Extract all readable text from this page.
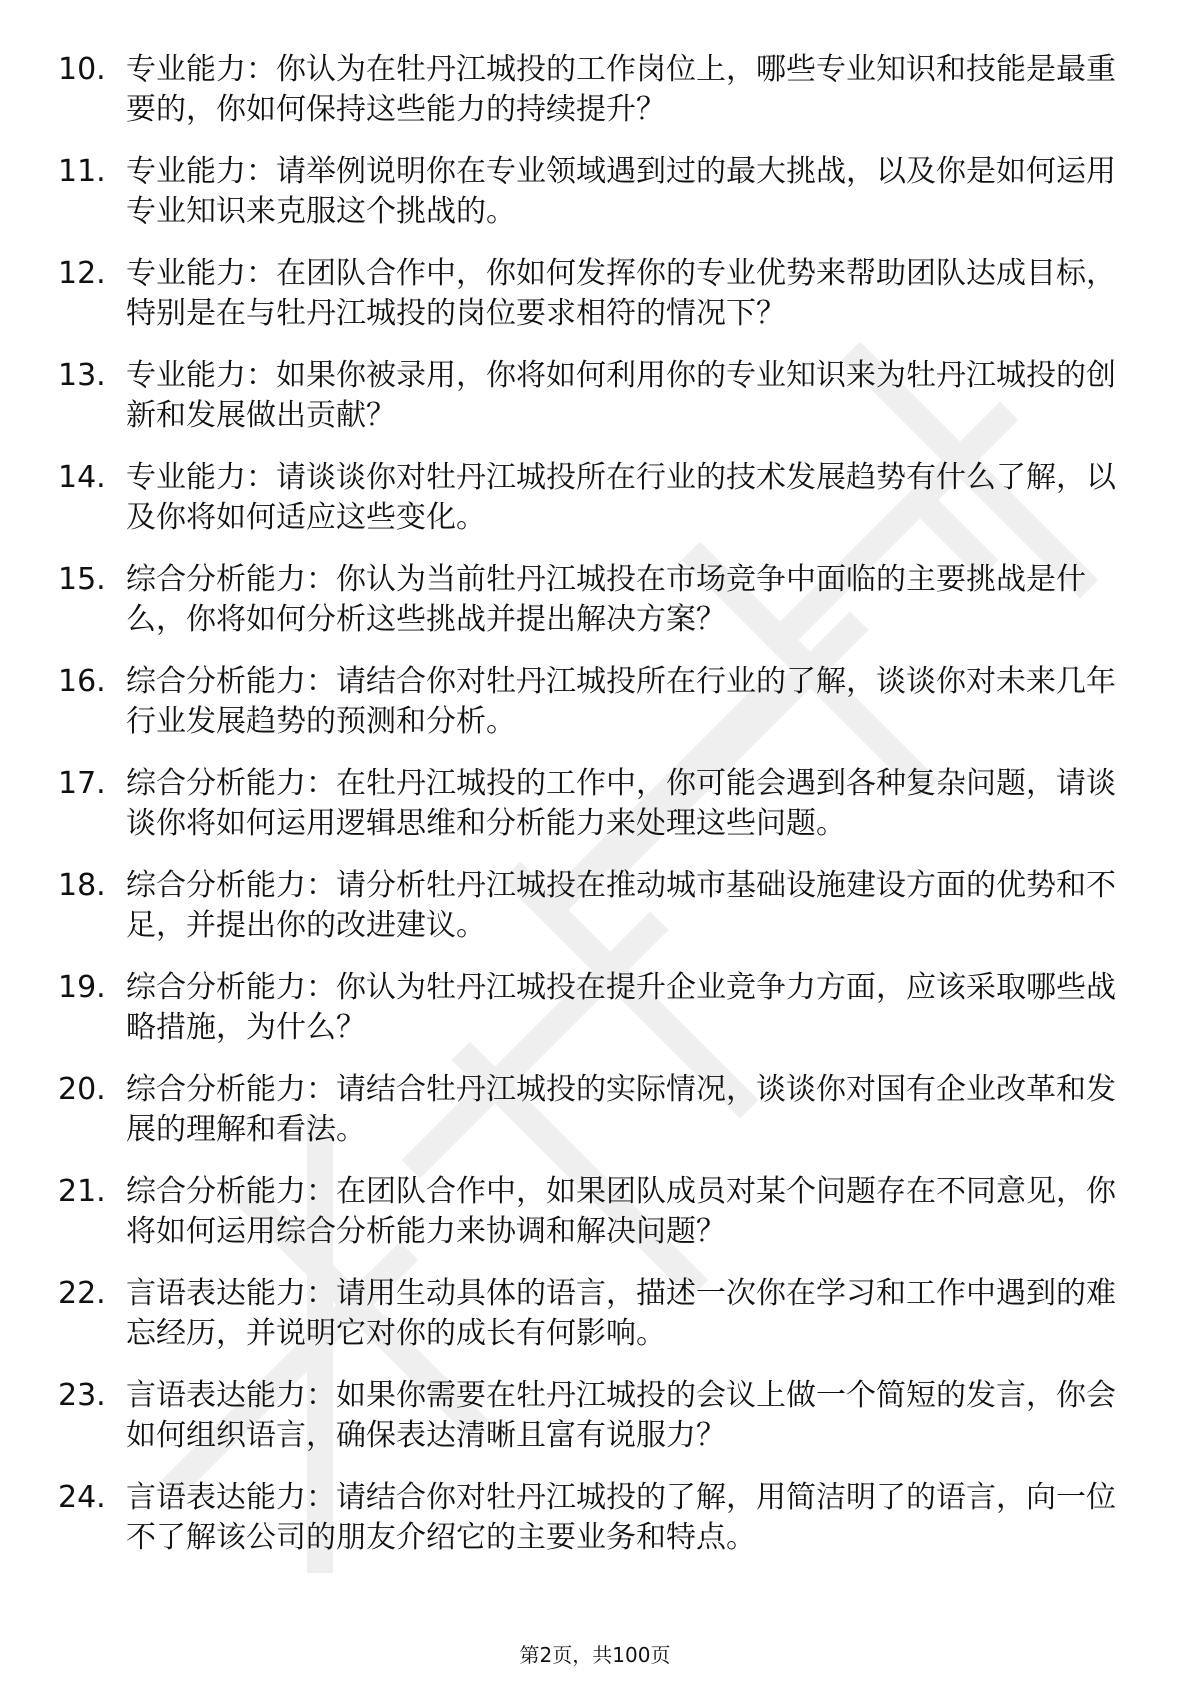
10. 专业能力：你认为在牡丹江城投的工作岗位上，哪些专业知识和技能是最重要的，你如何保持这些能力的持续提升？
11. 专业能力：请举例说明你在专业领域遇到过的最大挑战，以及你是如何运用专业知识来克服这个挑战的。
12. 专业能力：在团队合作中，你如何发挥你的专业优势来帮助团队达成目标，特别是在与牡丹江城投的岗位要求相符的情况下？
13. 专业能力：如果你被录用，你将如何利用你的专业知识来为牡丹江城投的创新和发展做出贡献？
14. 专业能力：请谈谈你对牡丹江城投所在行业的技术发展趋势有什么了解，以及你将如何适应这些变化。
15. 综合分析能力：你认为当前牡丹江城投在市场竞争中面临的主要挑战是什么，你将如何分析这些挑战并提出解决方案？
16. 综合分析能力：请结合你对牡丹江城投所在行业的了解，谈谈你对未来几年行业发展趋势的预测和分析。
17. 综合分析能力：在牡丹江城投的工作中，你可能会遇到各种复杂问题，请谈谈你将如何运用逻辑思维和分析能力来处理这些问题。
18. 综合分析能力：请分析牡丹江城投在推动城市基础设施建设方面的优势和不足，并提出你的改进建议。
19. 综合分析能力：你认为牡丹江城投在提升企业竞争力方面，应该采取哪些战略措施，为什么？
20. 综合分析能力：请结合牡丹江城投的实际情况，谈谈你对国有企业改革和发展的理解和看法。
21. 综合分析能力：在团队合作中，如果团队成员对某个问题存在不同意见，你将如何运用综合分析能力来协调和解决问题？
22. 言语表达能力：请用生动具体的语言，描述一次你在学习和工作中遇到的难忘经历，并说明它对你的成长有何影响。
23. 言语表达能力：如果你需要在牡丹江城投的会议上做一个简短的发言，你会如何组织语言，确保表达清晰且富有说服力？
24. 言语表达能力：请结合你对牡丹江城投的了解，用简洁明了的语言，向一位不了解该公司的朋友介绍它的主要业务和特点。
第2页，共100页
